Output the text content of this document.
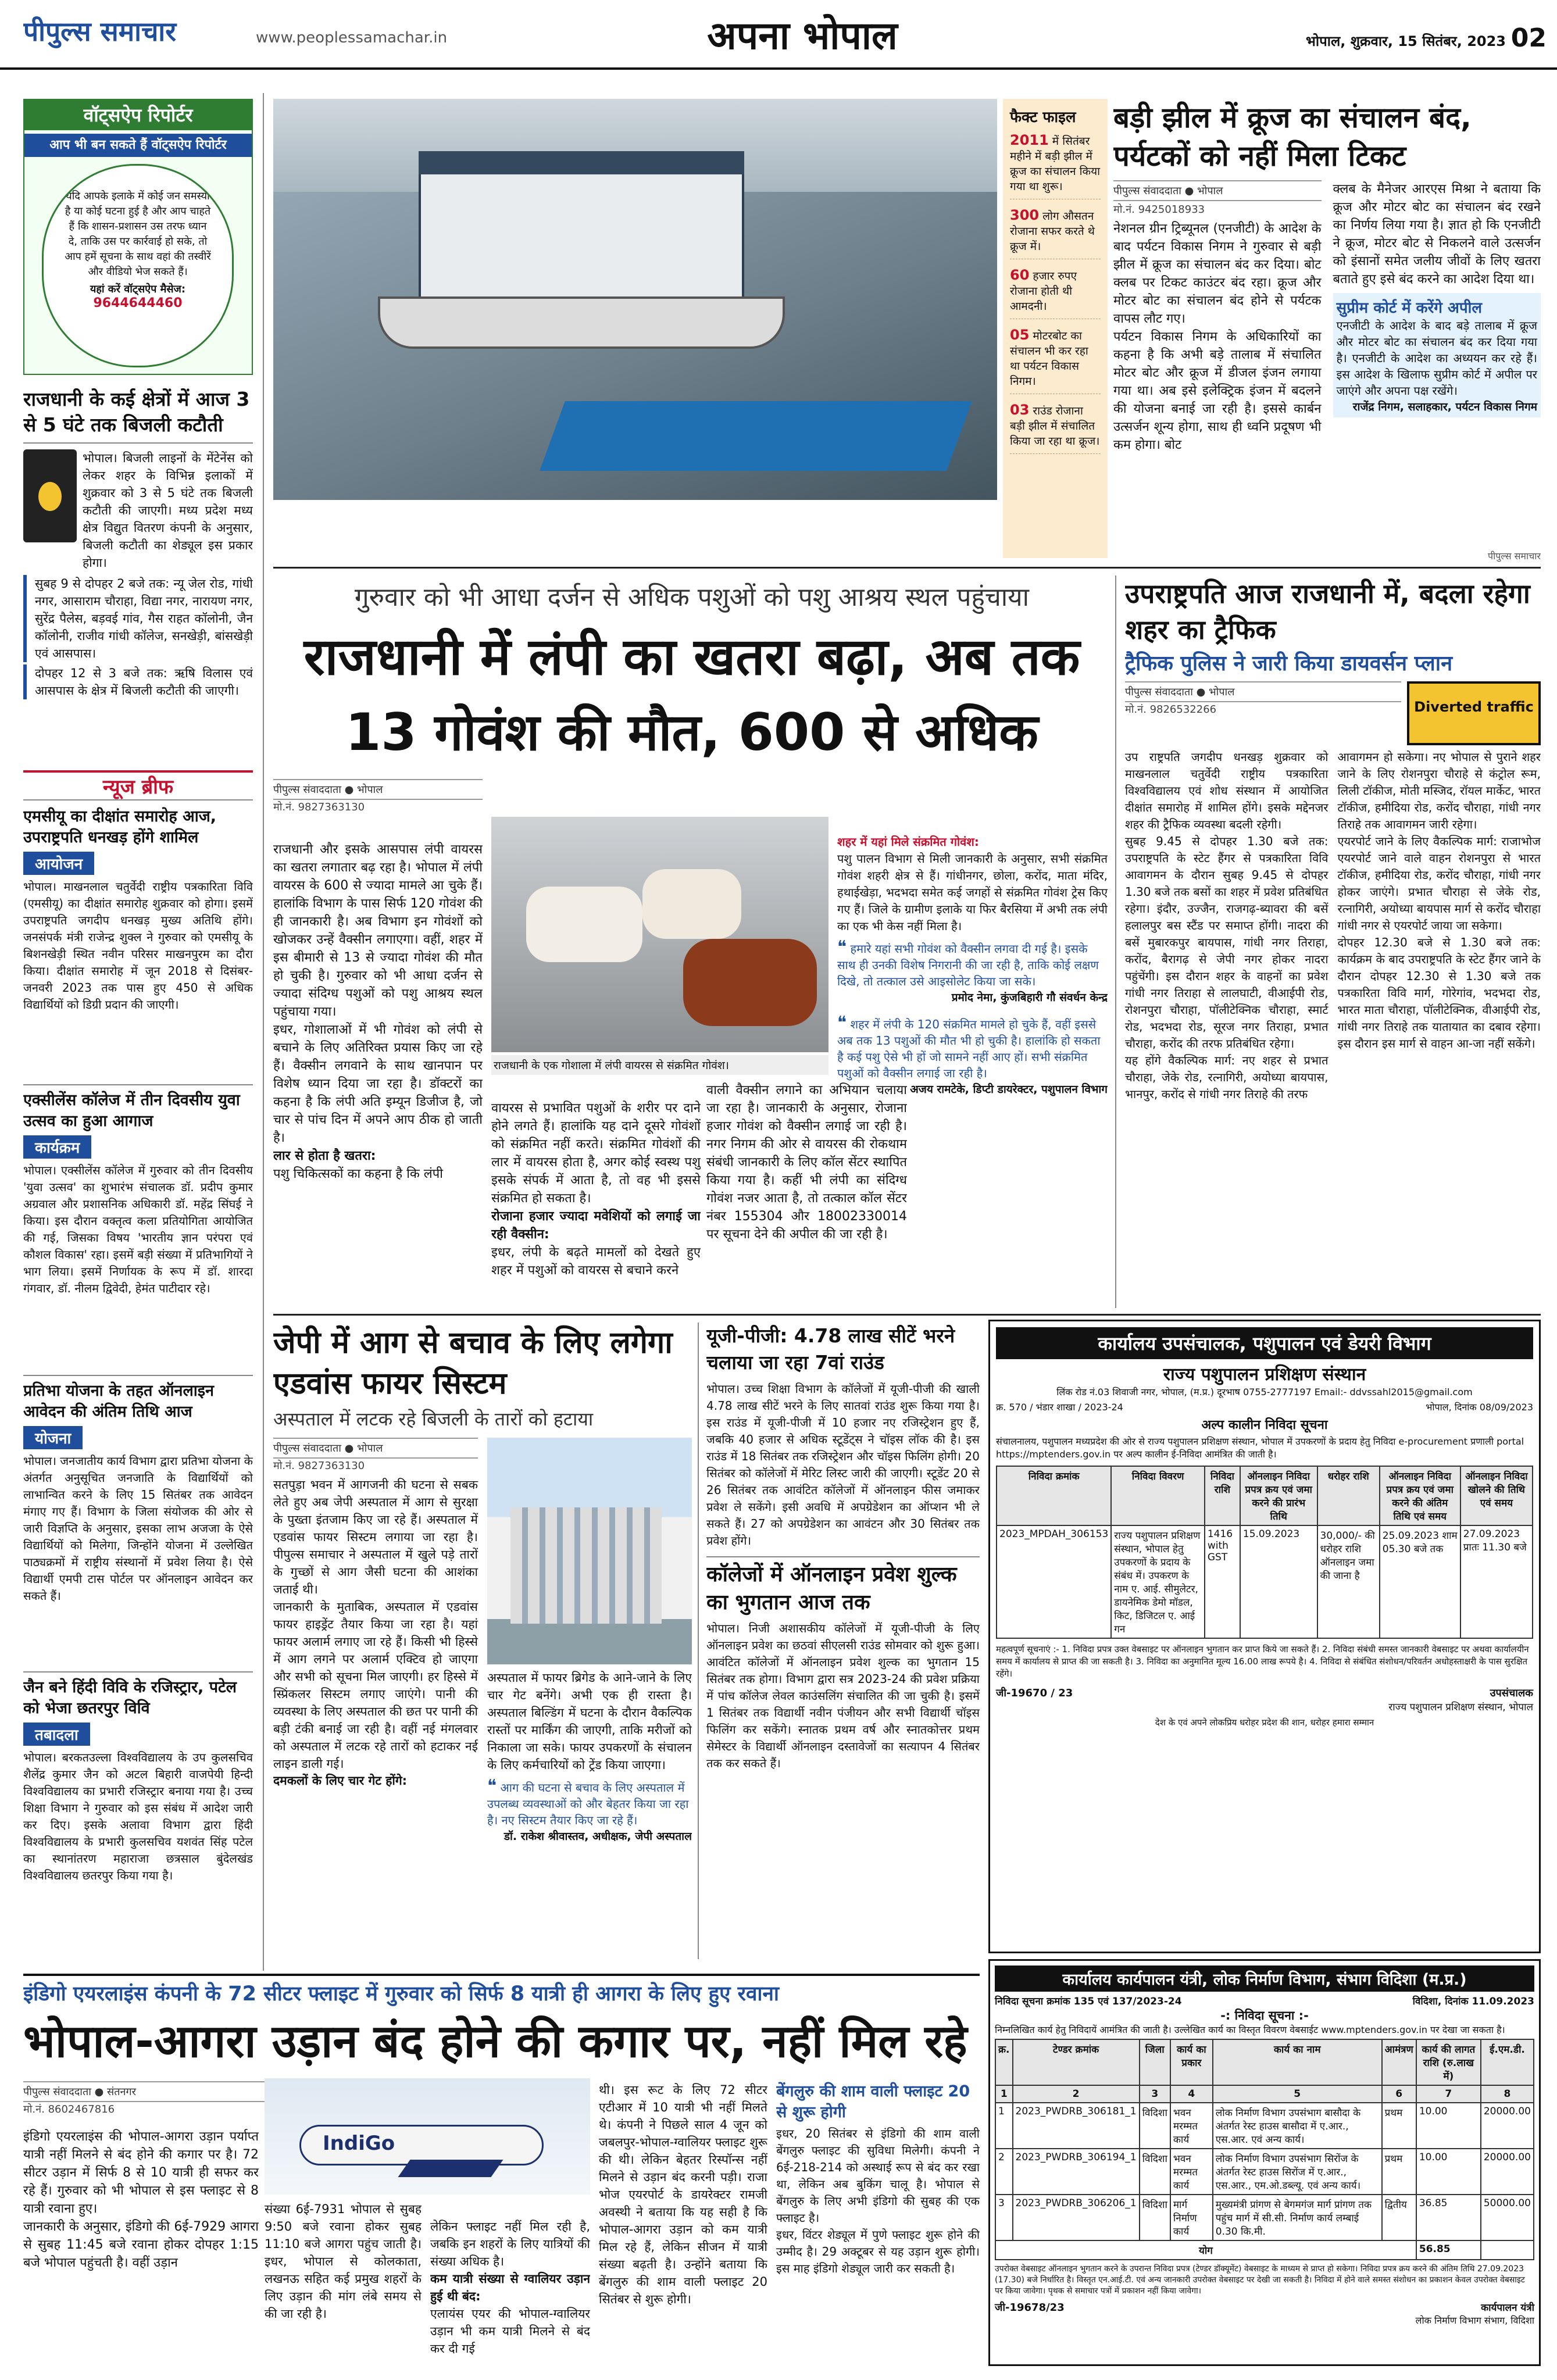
पीपुल्स समाचार	www.peoplessamachar.in	अपना भोपाल	भोपाल, शुक्रवार, 15 सितंबर, 2023 02
वॉट्सऐप रिपोर्टर
आप भी बन सकते हैं वॉट्सऐप रिपोर्टर
यदि आपके इलाके में कोई जन समस्या है या कोई घटना हुई है और आप चाहते हैं कि शासन-प्रशासन उस तरफ ध्यान दे, ताकि उस पर कार्रवाई हो सके, तो आप हमें सूचना के साथ वहां की तस्वीरें और वीडियो भेज सकते हैं।
यहां करें वॉट्सऐप मैसेज:
9644644460
राजधानी के कई क्षेत्रों में आज 3 से 5 घंटे तक बिजली कटौती
भोपाल। बिजली लाइनों के मेंटेनेंस को लेकर शहर के विभिन्न इलाकों में शुक्रवार को 3 से 5 घंटे तक बिजली कटौती की जाएगी। मध्य प्रदेश मध्य क्षेत्र विद्युत वितरण कंपनी के अनुसार, बिजली कटौती का शेड्यूल इस प्रकार होगा।
सुबह 9 से दोपहर 2 बजे तक: न्यू जेल रोड, गांधी नगर, आसाराम चौराहा, विद्या नगर, नारायण नगर, सुरेंद्र पैलेस, बड़वई गांव, गैस राहत कॉलोनी, जैन कॉलोनी, राजीव गांधी कॉलेज, सनखेड़ी, बांसखेड़ी एवं आसपास।
दोपहर 12 से 3 बजे तक: ऋषि विलास एवं आसपास के क्षेत्र में बिजली कटौती की जाएगी।
न्यूज ब्रीफ
एमसीयू का दीक्षांत समारोह आज, उपराष्ट्रपति धनखड़ होंगे शामिल
आयोजन
भोपाल। माखनलाल चतुर्वेदी राष्ट्रीय पत्रकारिता विवि (एमसीयू) का दीक्षांत समारोह शुक्रवार को होगा। इसमें उपराष्ट्रपति जगदीप धनखड़ मुख्य अतिथि होंगे। जनसंपर्क मंत्री राजेन्द्र शुक्ल ने गुरुवार को एमसीयू के बिशनखेड़ी स्थित नवीन परिसर माखनपुरम का दौरा किया। दीक्षांत समारोह में जून 2018 से दिसंबर-जनवरी 2023 तक पास हुए 450 से अधिक विद्यार्थियों को डिग्री प्रदान की जाएगी।
एक्सीलेंस कॉलेज में तीन दिवसीय युवा उत्सव का हुआ आगाज
कार्यक्रम
भोपाल। एक्सीलेंस कॉलेज में गुरुवार को तीन दिवसीय 'युवा उत्सव' का शुभारंभ संचालक डॉ. प्रदीप कुमार अग्रवाल और प्रशासनिक अधिकारी डॉ. महेंद्र सिंघई ने किया। इस दौरान वक्तृत्व कला प्रतियोगिता आयोजित की गई, जिसका विषय 'भारतीय ज्ञान परंपरा एवं कौशल विकास' रहा। इसमें बड़ी संख्या में प्रतिभागियों ने भाग लिया। इसमें निर्णायक के रूप में डॉ. शारदा गंगवार, डॉ. नीलम द्विवेदी, हेमंत पाटीदार रहे।
प्रतिभा योजना के तहत ऑनलाइन आवेदन की अंतिम तिथि आज
योजना
भोपाल। जनजातीय कार्य विभाग द्वारा प्रतिभा योजना के अंतर्गत अनुसूचित जनजाति के विद्यार्थियों को लाभान्वित करने के लिए 15 सितंबर तक आवेदन मंगाए गए हैं। विभाग के जिला संयोजक की ओर से जारी विज्ञप्ति के अनुसार, इसका लाभ अजजा के ऐसे विद्यार्थियों को मिलेगा, जिन्होंने योजना में उल्लेखित पाठ्यक्रमों में राष्ट्रीय संस्थानों में प्रवेश लिया है। ऐसे विद्यार्थी एमपी टास पोर्टल पर ऑनलाइन आवेदन कर सकते हैं।
जैन बने हिंदी विवि के रजिस्ट्रार, पटेल को भेजा छतरपुर विवि
तबादला
भोपाल। बरकतउल्ला विश्वविद्यालय के उप कुलसचिव शैलेंद्र कुमार जैन को अटल बिहारी वाजपेयी हिन्दी विश्वविद्यालय का प्रभारी रजिस्ट्रार बनाया गया है। उच्च शिक्षा विभाग ने गुरुवार को इस संबंध में आदेश जारी कर दिए। इसके अलावा विभाग द्वारा हिंदी विश्वविद्यालय के प्रभारी कुलसचिव यशवंत सिंह पटेल का स्थानांतरण महाराजा छत्रसाल बुंदेलखंड विश्वविद्यालय छतरपुर किया गया है।
फैक्ट फाइल
2011 में सितंबर महीने में बड़ी झील में क्रूज का संचालन किया गया था शुरू।
300 लोग औसतन रोजाना सफर करते थे क्रूज में।
60 हजार रुपए रोजाना होती थी आमदनी।
05 मोटरबोट का संचालन भी कर रहा था पर्यटन विकास निगम।
03 राउंड रोजाना बड़ी झील में संचालित किया जा रहा था क्रूज।
बड़ी झील में क्रूज का संचालन बंद, पर्यटकों को नहीं मिला टिकट
पीपुल्स संवाददाता ● भोपाल
मो.नं. 9425018933
नेशनल ग्रीन ट्रिब्यूनल (एनजीटी) के आदेश के बाद पर्यटन विकास निगम ने गुरुवार से बड़ी झील में क्रूज का संचालन बंद कर दिया। बोट क्लब पर टिकट काउंटर बंद रहा। क्रूज और मोटर बोट का संचालन बंद होने से पर्यटक वापस लौट गए।
पर्यटन विकास निगम के अधिकारियों का कहना है कि अभी बड़े तालाब में संचालित मोटर बोट और क्रूज में डीजल इंजन लगाया गया था। अब इसे इलेक्ट्रिक इंजन में बदलने की योजना बनाई जा रही है। इससे कार्बन उत्सर्जन शून्य होगा, साथ ही ध्वनि प्रदूषण भी कम होगा। बोट
क्लब के मैनेजर आरएस मिश्रा ने बताया कि क्रूज और मोटर बोट का संचालन बंद रखने का निर्णय लिया गया है। ज्ञात हो कि एनजीटी ने क्रूज, मोटर बोट से निकलने वाले उत्सर्जन को इंसानों समेत जलीय जीवों के लिए खतरा बताते हुए इसे बंद करने का आदेश दिया था।
सुप्रीम कोर्ट में करेंगे अपील
एनजीटी के आदेश के बाद बड़े तालाब में क्रूज और मोटर बोट का संचालन बंद कर दिया गया है। एनजीटी के आदेश का अध्ययन कर रहे हैं। इस आदेश के खिलाफ सुप्रीम कोर्ट में अपील पर जाएंगे और अपना पक्ष रखेंगे।
राजेंद्र निगम, सलाहकार, पर्यटन विकास निगम
पीपुल्स समाचार
गुरुवार को भी आधा दर्जन से अधिक पशुओं को पशु आश्रय स्थल पहुंचाया
राजधानी में लंपी का खतरा बढ़ा, अब तक
13 गोवंश की मौत, 600 से अधिक
पीपुल्स संवाददाता ● भोपाल
मो.नं. 9827363130

राजधानी और इसके आसपास लंपी वायरस का खतरा लगातार बढ़ रहा है। भोपाल में लंपी वायरस के 600 से ज्यादा मामले आ चुके हैं। हालांकि विभाग के पास सिर्फ 120 गोवंश की ही जानकारी है। अब विभाग इन गोवंशों को खोजकर उन्हें वैक्सीन लगाएगा। वहीं, शहर में इस बीमारी से 13 से ज्यादा गोवंश की मौत हो चुकी है। गुरुवार को भी आधा दर्जन से ज्यादा संदिग्ध पशुओं को पशु आश्रय स्थल पहुंचाया गया।
इधर, गोशालाओं में भी गोवंश को लंपी से बचाने के लिए अतिरिक्त प्रयास किए जा रहे हैं। वैक्सीन लगवाने के साथ खानपान पर विशेष ध्यान दिया जा रहा है। डॉक्टरों का कहना है कि लंपी अति इम्यून डिजीज है, जो चार से पांच दिन में अपने आप ठीक हो जाती है।
लार से होता है खतरा:
पशु चिकित्सकों का कहना है कि लंपी

राजधानी के एक गोशाला में लंपी वायरस से संक्रमित गोवंश।

वायरस से प्रभावित पशुओं के शरीर पर दाने होने लगते हैं। हालांकि यह दाने दूसरे गोवंशों को संक्रमित नहीं करते। संक्रमित गोवंशों की लार में वायरस होता है, अगर कोई स्वस्थ पशु इसके संपर्क में आता है, तो वह भी इससे संक्रमित हो सकता है।
रोजाना हजार ज्यादा मवेशियों को लगाई जा रही वैक्सीन:
इधर, लंपी के बढ़ते मामलों को देखते हुए शहर में पशुओं को वायरस से बचाने करने

वाली वैक्सीन लगाने का अभियान चलाया जा रहा है। जानकारी के अनुसार, रोजाना हजार गोवंश को वैक्सीन लगाई जा रही है। नगर निगम की ओर से वायरस की रोकथाम संबंधी जानकारी के लिए कॉल सेंटर स्थापित किया गया है। कहीं भी लंपी का संदिग्ध गोवंश नजर आता है, तो तत्काल कॉल सेंटर नंबर 155304 और 18002330014 पर सूचना देने की अपील की जा रही है।

शहर में यहां मिले संक्रमित गोवंश:
पशु पालन विभाग से मिली जानकारी के अनुसार, सभी संक्रमित गोवंश शहरी क्षेत्र से हैं। गांधीनगर, छोला, करोंद, माता मंदिर, हथाईखेड़ा, भदभदा समेत कई जगहों से संक्रमित गोवंश ट्रेस किए गए हैं। जिले के ग्रामीण इलाके या फिर बैरसिया में अभी तक लंपी का एक भी केस नहीं मिला है।

❝ हमारे यहां सभी गोवंश को वैक्सीन लगवा दी गई है। इसके साथ ही उनकी विशेष निगरानी की जा रही है, ताकि कोई लक्षण दिखे, तो तत्काल उसे आइसोलेट किया जा सके।
प्रमोद नेमा, कुंजबिहारी गौ संवर्धन केन्द्र
❝ शहर में लंपी के 120 संक्रमित मामले हो चुके हैं, वहीं इससे अब तक 13 पशुओं की मौत भी हो चुकी है। हालांकि हो सकता है कई पशु ऐसे भी हों जो सामने नहीं आए हों। सभी संक्रमित पशुओं को वैक्सीन लगाई जा रही है।
अजय रामटेके, डिप्टी डायरेक्टर, पशुपालन विभाग
उपराष्ट्रपति आज राजधानी में, बदला रहेगा शहर का ट्रैफिक
ट्रैफिक पुलिस ने जारी किया डायवर्सन प्लान
पीपुल्स संवाददाता ● भोपाल
मो.नं. 9826532266	Diverted traffic
उप राष्ट्रपति जगदीप धनखड़ शुक्रवार को माखनलाल चतुर्वेदी राष्ट्रीय पत्रकारिता विश्वविद्यालय एवं शोध संस्थान में आयोजित दीक्षांत समारोह में शामिल होंगे। इसके मद्देनजर शहर की ट्रैफिक व्यवस्था बदली रहेगी।
सुबह 9.45 से दोपहर 1.30 बजे तक: उपराष्ट्रपति के स्टेट हैंगर से पत्रकारिता विवि आवागमन के दौरान सुबह 9.45 से दोपहर 1.30 बजे तक बसों का शहर में प्रवेश प्रतिबंधित रहेगा। इंदौर, उज्जैन, राजगढ़-ब्यावरा की बसें हलालपुर बस स्टैंड पर समाप्त होंगी। नादरा की बसें मुबारकपुर बायपास, गांधी नगर तिराहा, करोंद, बैरागढ़ से जेपी नगर होकर नादरा पहुंचेंगी। इस दौरान शहर के वाहनों का प्रवेश गांधी नगर तिराहा से लालघाटी, वीआईपी रोड, रोशनपुरा चौराहा, पॉलीटेक्निक चौराहा, स्मार्ट रोड, भदभदा रोड, सूरज नगर तिराहा, प्रभात चौराहा, करोंद की तरफ प्रतिबंधित रहेगा।
यह होंगे वैकल्पिक मार्ग: नए शहर से प्रभात चौराहा, जेके रोड, रत्नागिरी, अयोध्या बायपास, भानपुर, करोंद से गांधी नगर तिराहे की तरफ
आवागमन हो सकेगा। नए भोपाल से पुराने शहर जाने के लिए रोशनपुरा चौराहे से कंट्रोल रूम, लिली टॉकीज, मोती मस्जिद, रॉयल मार्केट, भारत टॉकीज, हमीदिया रोड, करोंद चौराहा, गांधी नगर तिराहे तक आवागमन जारी रहेगा।
एयरपोर्ट जाने के लिए वैकल्पिक मार्ग: राजाभोज एयरपोर्ट जाने वाले वाहन रोशनपुरा से भारत टॉकीज, हमीदिया रोड, करोंद चौराहा, गांधी नगर होकर जाएंगे। प्रभात चौराहा से जेके रोड, रत्नागिरी, अयोध्या बायपास मार्ग से करोंद चौराहा गांधी नगर से एयरपोर्ट जाया जा सकेगा।
दोपहर 12.30 बजे से 1.30 बजे तक: कार्यक्रम के बाद उपराष्ट्रपति के स्टेट हैंगर जाने के दौरान दोपहर 12.30 से 1.30 बजे तक पत्रकारिता विवि मार्ग, गोरेगांव, भदभदा रोड, भारत माता चौराहा, पॉलीटेक्निक, वीआईपी रोड, गांधी नगर तिराहे तक यातायात का दबाव रहेगा। इस दौरान इस मार्ग से वाहन आ-जा नहीं सकेंगे।
जेपी में आग से बचाव के लिए लगेगा एडवांस फायर सिस्टम
अस्पताल में लटक रहे बिजली के तारों को हटाया
पीपुल्स संवाददाता ● भोपाल
मो.नं. 9827363130
सतपुड़ा भवन में आगजनी की घटना से सबक लेते हुए अब जेपी अस्पताल में आग से सुरक्षा के पुख्ता इंतजाम किए जा रहे हैं। अस्पताल में एडवांस फायर सिस्टम लगाया जा रहा है। पीपुल्स समाचार ने अस्पताल में खुले पड़े तारों के गुच्छों से आग जैसी घटना की आशंका जताई थी।
जानकारी के मुताबिक, अस्पताल में एडवांस फायर हाइड्रेंट तैयार किया जा रहा है। यहां फायर अलार्म लगाए जा रहे हैं। किसी भी हिस्से में आग लगने पर अलार्म एक्टिव हो जाएगा और सभी को सूचना मिल जाएगी। हर हिस्से में स्प्रिंकलर सिस्टम लगाए जाएंगे। पानी की व्यवस्था के लिए अस्पताल की छत पर पानी की बड़ी टंकी बनाई जा रही है। वहीं नई मंगलवार को अस्पताल में लटक रहे तारों को हटाकर नई लाइन डाली गई।
दमकलों के लिए चार गेट होंगे:
अस्पताल में फायर ब्रिगेड के आने-जाने के लिए चार गेट बनेंगे। अभी एक ही रास्ता है। अस्पताल बिल्डिंग में घटना के दौरान वैकल्पिक रास्तों पर मार्किंग की जाएगी, ताकि मरीजों को निकाला जा सके। फायर उपकरणों के संचालन के लिए कर्मचारियों को ट्रेंड किया जाएगा।
❝ आग की घटना से बचाव के लिए अस्पताल में उपलब्ध व्यवस्थाओं को और बेहतर किया जा रहा है। नए सिस्टम तैयार किए जा रहे हैं।
डॉ. राकेश श्रीवास्तव, अधीक्षक, जेपी अस्पताल
यूजी-पीजी: 4.78 लाख सीटें भरने चलाया जा रहा 7वां राउंड
भोपाल। उच्च शिक्षा विभाग के कॉलेजों में यूजी-पीजी की खाली 4.78 लाख सीटें भरने के लिए सातवां राउंड शुरू किया गया है। इस राउंड में यूजी-पीजी में 10 हजार नए रजिस्ट्रेशन हुए हैं, जबकि 40 हजार से अधिक स्टूडेंट्स ने चॉइस लॉक की है। इस राउंड में 18 सितंबर तक रजिस्ट्रेशन और चॉइस फिलिंग होगी। 20 सितंबर को कॉलेजों में मेरिट लिस्ट जारी की जाएगी। स्टूडेंट 20 से 26 सितंबर तक आवंटित कॉलेजों में ऑनलाइन फीस जमाकर प्रवेश ले सकेंगे। इसी अवधि में अपग्रेडेशन का ऑप्शन भी ले सकते हैं। 27 को अपग्रेडेशन का आवंटन और 30 सितंबर तक प्रवेश होंगे।
कॉलेजों में ऑनलाइन प्रवेश शुल्क का भुगतान आज तक
भोपाल। निजी अशासकीय कॉलेजों में यूजी-पीजी के लिए ऑनलाइन प्रवेश का छठवां सीएलसी राउंड सोमवार को शुरू हुआ। आवंटित कॉलेजों में ऑनलाइन प्रवेश शुल्क का भुगतान 15 सितंबर तक होगा। विभाग द्वारा सत्र 2023-24 की प्रवेश प्रक्रिया में पांच कॉलेज लेवल काउंसलिंग संचालित की जा चुकी है। इसमें 1 सितंबर तक विद्यार्थी नवीन पंजीयन और सभी विद्यार्थी चॉइस फिलिंग कर सकेंगे। स्नातक प्रथम वर्ष और स्नातकोत्तर प्रथम सेमेस्टर के विद्यार्थी ऑनलाइन दस्तावेजों का सत्यापन 4 सितंबर तक कर सकते हैं।
कार्यालय उपसंचालक, पशुपालन एवं डेयरी विभाग
राज्य पशुपालन प्रशिक्षण संस्थान
लिंक रोड नं.03 शिवाजी नगर, भोपाल, (म.प्र.) दूरभाष 0755-2777197 Email:- ddvssahl2015@gmail.com
क्र. 570 / भंडार शाखा / 2023-24	भोपाल, दिनांक 08/09/2023
अल्प कालीन निविदा सूचना
संचालनालय, पशुपालन मध्यप्रदेश की ओर से राज्य पशुपालन प्रशिक्षण संस्थान, भोपाल में उपकरणों के प्रदाय हेतु निविदा e-procurement प्रणाली portal https://mptenders.gov.in पर अल्प कालीन ई-निविदा आमंत्रित की जाती है।
निविदा क्रमांक	निविदा विवरण	निविदा राशि	ऑनलाइन निविदा प्रपत्र क्रय एवं जमा करने की प्रारंभ तिथि	धरोहर राशि	ऑनलाइन निविदा प्रपत्र क्रय एवं जमा करने की अंतिम तिथि एवं समय	ऑनलाइन निविदा खोलने की तिथि एवं समय
2023_MPDAH_306153	राज्य पशुपालन प्रशिक्षण संस्थान, भोपाल हेतु उपकरणों के प्रदाय के संबंध में। उपकरण के नाम ए. आई. सीमुलेटर, डायनेमिक डेमो मॉडल, किट, डिजिटल ए. आई गन	1416 with GST	15.09.2023	30,000/- की धरोहर राशि ऑनलाइन जमा की जाना है	25.09.2023 शाम 05.30 बजे तक	27.09.2023 प्रातः 11.30 बजे
महत्वपूर्ण सूचनाएं :- 1. निविदा प्रपत्र उक्त वेबसाइट पर ऑनलाइन भुगतान कर प्राप्त किये जा सकते हैं। 2. निविदा संबंधी समस्त जानकारी वेबसाइट पर अथवा कार्यालयीन समय में कार्यालय से प्राप्त की जा सकती है। 3. निविदा का अनुमानित मूल्य 16.00 लाख रूपये है। 4. निविदा से संबंधित संशोधन/परिवर्तन अधोहस्ताक्षरी के पास सुरक्षित रहेंगे।
जी-19670 / 23	उपसंचालक
राज्य पशुपालन प्रशिक्षण संस्थान, भोपाल
देश के एवं अपने लोकप्रिय धरोहर प्रदेश की शान, धरोहर हमारा सम्मान
इंडिगो एयरलाइंस कंपनी के 72 सीटर फ्लाइट में गुरुवार को सिर्फ 8 यात्री ही आगरा के लिए हुए रवाना
भोपाल-आगरा उड़ान बंद होने की कगार पर, नहीं मिल रहे
पीपुल्स संवाददाता ● संतनगर
मो.नं. 8602467816
इंडिगो एयरलाइंस की भोपाल-आगरा उड़ान पर्याप्त यात्री नहीं मिलने से बंद होने की कगार पर है। 72 सीटर उड़ान में सिर्फ 8 से 10 यात्री ही सफर कर रहे हैं। गुरुवार को भी भोपाल से इस फ्लाइट से 8 यात्री रवाना हुए।
जानकारी के अनुसार, इंडिगो की 6ई-7929 आगरा से सुबह 11:45 बजे रवाना होकर दोपहर 1:15 बजे भोपाल पहुंचती है। वहीं उड़ान
IndiGo
संख्या 6ई-7931 भोपाल से सुबह 9:50 बजे रवाना होकर सुबह 11:10 बजे आगरा पहुंच जाती है। इधर, भोपाल से कोलकाता, लखनऊ सहित कई प्रमुख शहरों के लिए उड़ान की मांग लंबे समय से की जा रही है।

लेकिन फ्लाइट नहीं मिल रही है, जबकि इन शहरों के लिए यात्रियों की संख्या अधिक है।
कम यात्री संख्या से ग्वालियर उड़ान हुई थी बंद:
एलायंस एयर की भोपाल-ग्वालियर उड़ान भी कम यात्री मिलने से बंद कर दी गई

थी। इस रूट के लिए 72 सीटर एटीआर में 10 यात्री भी नहीं मिलते थे। कंपनी ने पिछले साल 4 जून को जबलपुर-भोपाल-ग्वालियर फ्लाइट शुरू की थी। लेकिन बेहतर रिस्पॉन्स नहीं मिलने से उड़ान बंद करनी पड़ी। राजा भोज एयरपोर्ट के डायरेक्टर रामजी अवस्थी ने बताया कि यह सही है कि भोपाल-आगरा उड़ान को कम यात्री मिल रहे हैं, लेकिन सीजन में यात्री संख्या बढ़ती है। उन्होंने बताया कि बेंगलुरु की शाम वाली फ्लाइट 20 सितंबर से शुरू होगी।
बेंगलुरु की शाम वाली फ्लाइट 20 से शुरू होगी
इधर, 20 सितंबर से इंडिगो की शाम वाली बेंगलुरु फ्लाइट की सुविधा मिलेगी। कंपनी ने 6ई-218-214 को अस्थाई रूप से बंद कर रखा था, लेकिन अब बुकिंग चालू है। भोपाल से बेंगलुरु के लिए अभी इंडिगो की सुबह की एक फ्लाइट है।
इधर, विंटर शेड्यूल में पुणे फ्लाइट शुरू होने की उम्मीद है। 29 अक्टूबर से यह उड़ान शुरू होगी। इस माह इंडिगो शेड्यूल जारी कर सकती है।
कार्यालय कार्यपालन यंत्री, लोक निर्माण विभाग, संभाग विदिशा (म.प्र.)
निविदा सूचना क्रमांक 135 एवं 137/2023-24	विदिशा, दिनांक 11.09.2023
-: निविदा सूचना :-
निम्नलिखित कार्य हेतु निविदायें आमंत्रित की जाती है। उल्लेखित कार्य का विस्तृत विवरण वेबसाईट www.mptenders.gov.in पर देखा जा सकता है।
क्र.	टेण्डर क्रमांक	जिला	कार्य का प्रकार	कार्य का नाम	आमंत्रण	कार्य की लागत राशि (रु.लाख में)	ई.एम.डी.
1	2	3	4	5	6	7	8
1	2023_PWDRB_306181_1	विदिशा	भवन मरम्मत कार्य	लोक निर्माण विभाग उपसंभाग बासौदा के अंतर्गत रेस्ट हाउस बासौदा में ए.आर., एस.आर. एवं अन्य कार्य।	प्रथम	10.00	20000.00
2	2023_PWDRB_306194_1	विदिशा	भवन मरम्मत कार्य	लोक निर्माण विभाग उपसंभाग सिरोंज के अंतर्गत रेस्ट हाउस सिरोंज में ए.आर., एस.आर., एम.ओ.डब्ल्यू. एवं अन्य कार्य।	प्रथम	10.00	20000.00
3	2023_PWDRB_306206_1	विदिशा	मार्ग निर्माण कार्य	मुख्यमंत्री प्रांगण से बेगमगंज मार्ग प्रांगण तक पहुंच मार्ग में सी.सी. निर्माण कार्य लम्बाई 0.30 कि.मी.	द्वितीय	36.85	50000.00
योग						56.85	
उपरोक्त वेबसाइट ऑनलाइन भुगतान करने के उपरान्त निविदा प्रपत्र (टेण्डर डॉक्यूमेंट) वेबसाइट के माध्यम से प्राप्त हो सकेगा। निविदा प्रपत्र क्रय करने की अंतिम तिथि 27.09.2023 (17.30) बजे निर्धारित है। विस्तृत एन.आई.टी. एवं अन्य जानकारी उपरोक्त वेबसाइट पर देखी जा सकती है। निविदा में होने वाले समस्त संशोधन का प्रकाशन केवल उपरोक्त वेबसाइट पर किया जावेगा। पृथक से समाचार पत्रों में प्रकाशन नहीं किया जावेगा।
जी-19678/23	कार्यपालन यंत्री
लोक निर्माण विभाग संभाग, विदिशा
